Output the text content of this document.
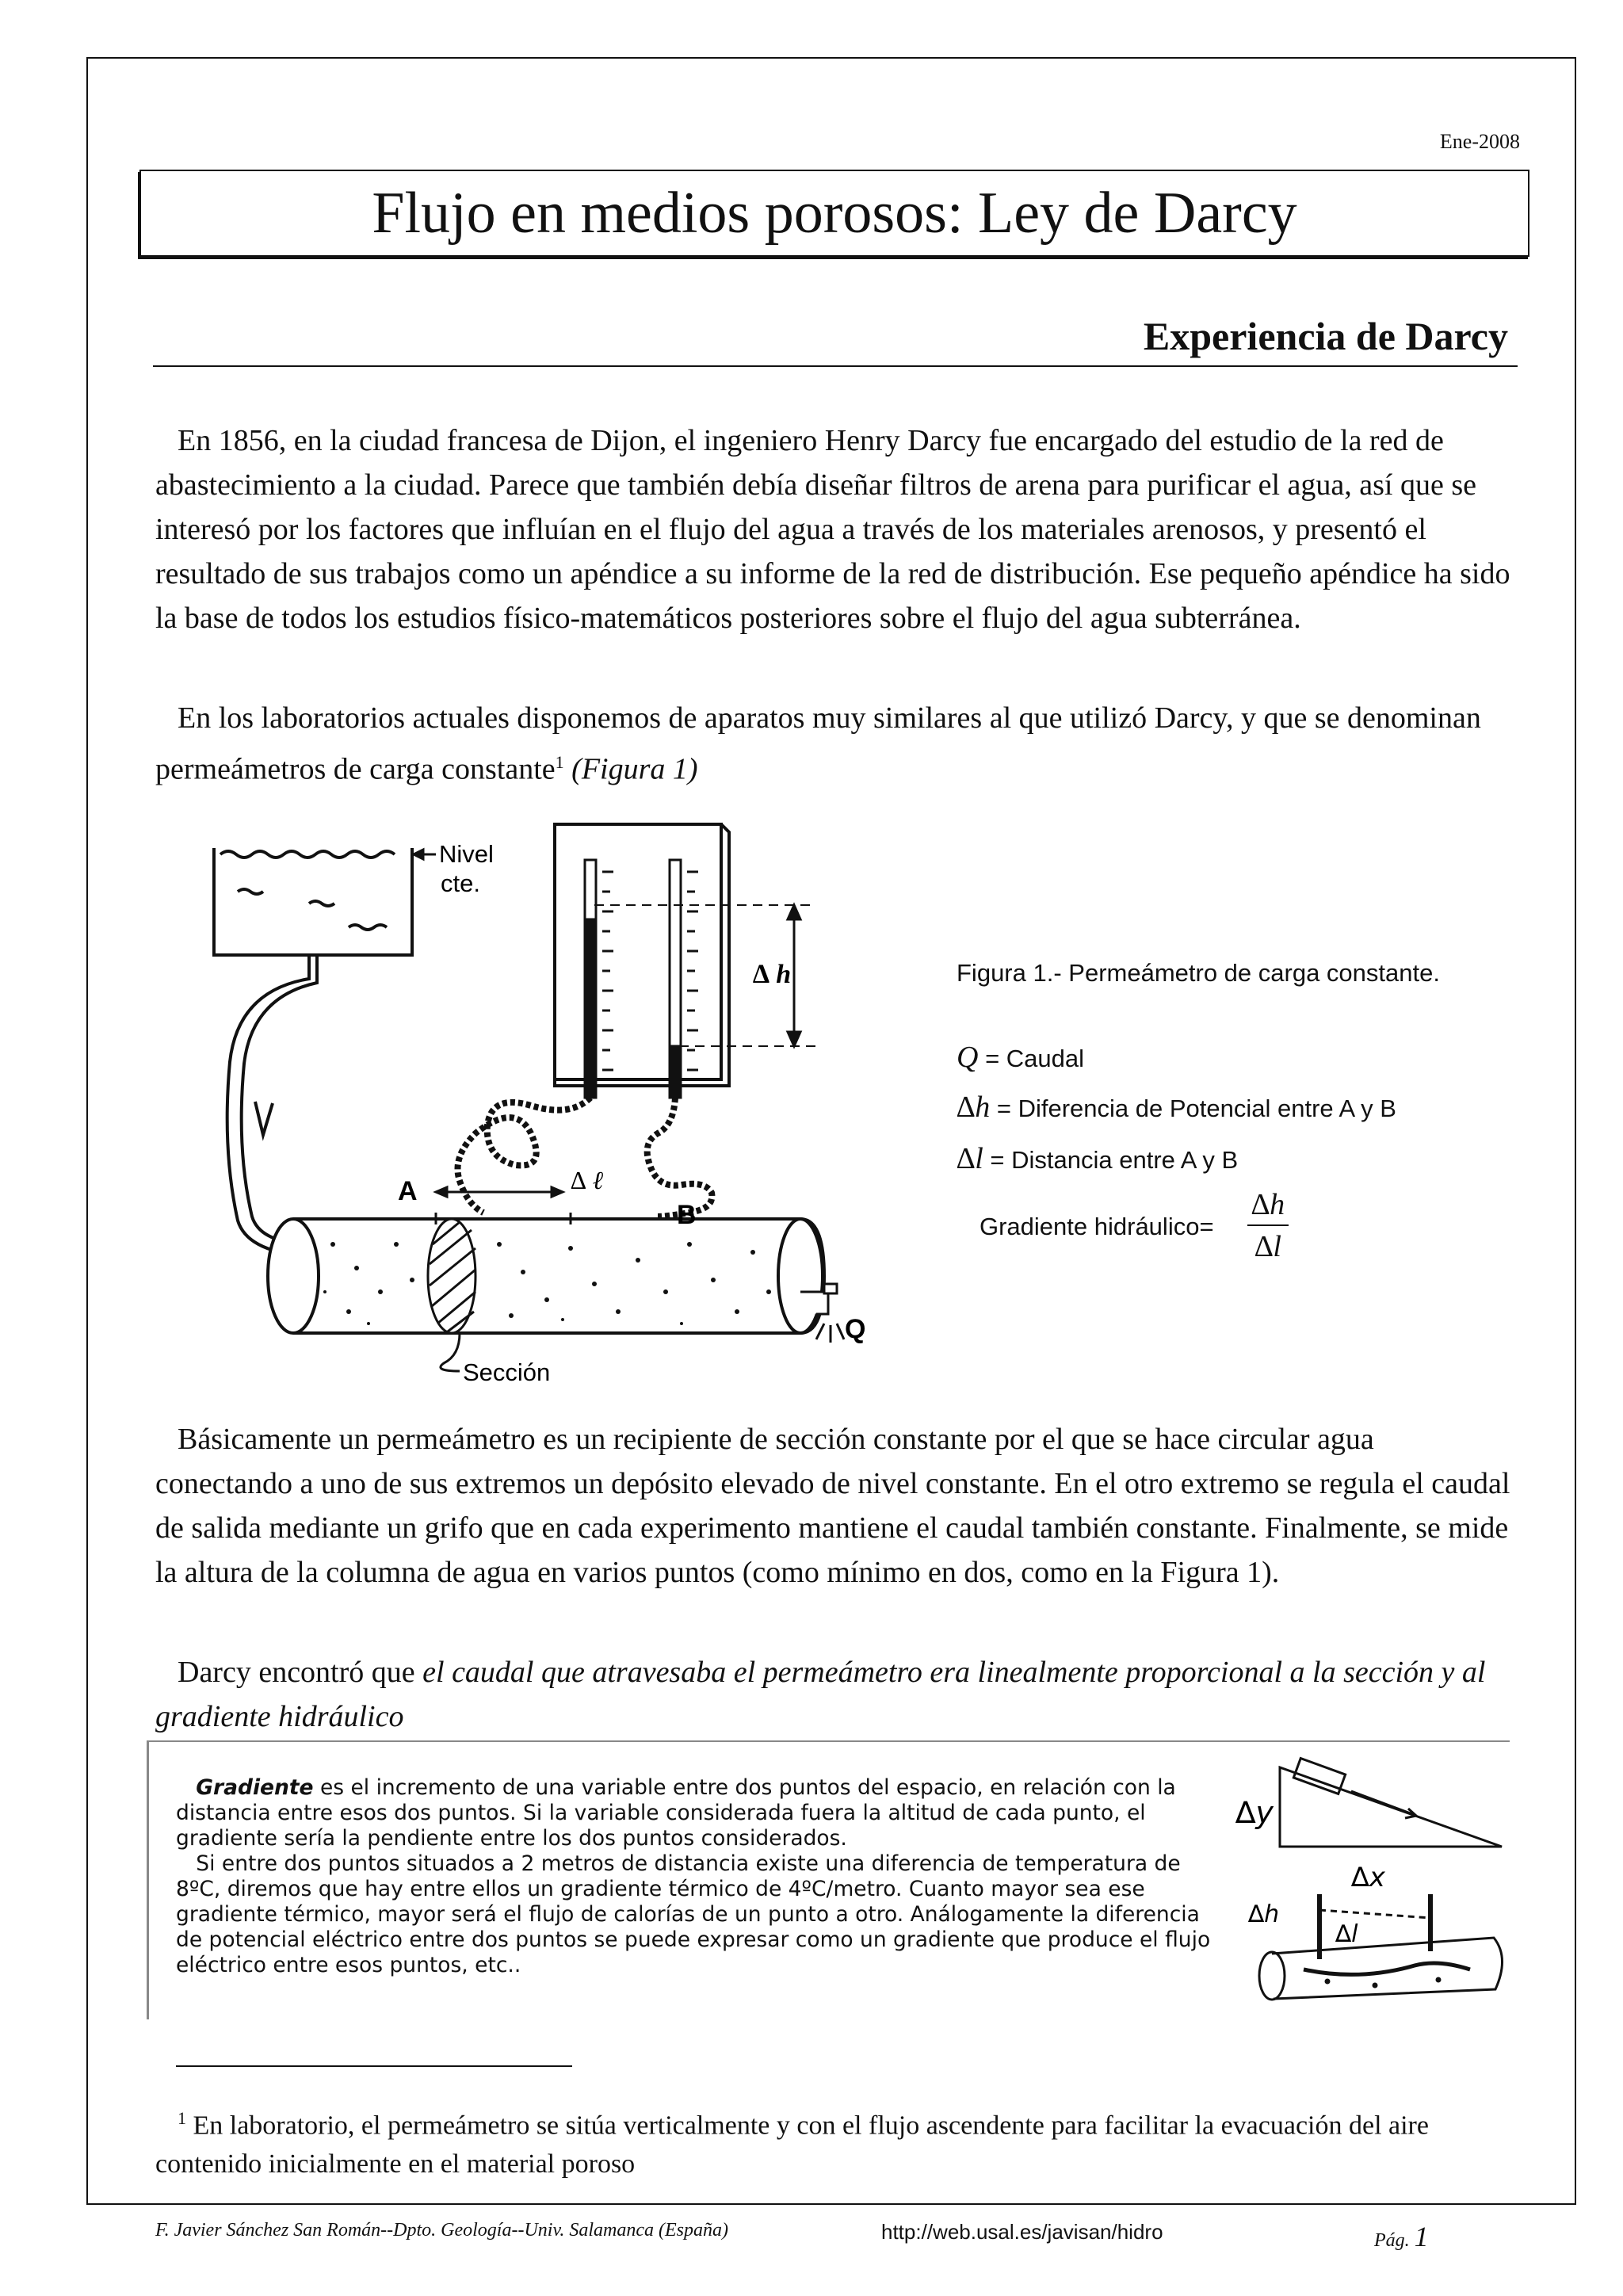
Ene-2008
Flujo en medios porosos: Ley de Darcy
Experiencia de Darcy

En 1856, en la ciudad francesa de Dijon, el ingeniero Henry Darcy fue encargado del estudio de la red de abastecimiento a la ciudad. Parece que también debía diseñar filtros de arena para purificar el agua, así que se interesó por los factores que influían en el flujo del agua a través de los materiales arenosos, y presentó el resultado de sus trabajos como un apéndice a su informe de la red de distribución. Ese pequeño apéndice ha sido la base de todos los estudios físico-matemáticos posteriores sobre el flujo del agua subterránea.

En los laboratorios actuales disponemos de aparatos muy similares al que utilizó Darcy, y que se denominan permeámetros de carga constante$^1$ (Figura 1)

Nivel
cte.
∆ h
A
B
∆ ℓ
Q
Sección
Figura 1.- Permeámetro de carga constante.
Q = Caudal
∆h = Diferencia de Potencial entre A y B
∆l = Distancia entre A y B
Gradiente hidráulico= $\frac{\Delta h}{\Delta l}$

Básicamente un permeámetro es un recipiente de sección constante por el que se hace circular agua conectando a uno de sus extremos un depósito elevado de nivel constante. En el otro extremo se regula el caudal de salida mediante un grifo que en cada experimento mantiene el caudal también constante. Finalmente, se mide la altura de la columna de agua en varios puntos (como mínimo en dos, como en la Figura 1).

Darcy encontró que el caudal que atravesaba el permeámetro era linealmente proporcional a la sección y al gradiente hidráulico

Gradiente es el incremento de una variable entre dos puntos del espacio, en relación con la distancia entre esos dos puntos. Si la variable considerada fuera la altitud de cada punto, el gradiente sería la pendiente entre los dos puntos considerados.
Si entre dos puntos situados a 2 metros de distancia existe una diferencia de temperatura de 8ºC, diremos que hay entre ellos un gradiente térmico de 4ºC/metro. Cuanto mayor sea ese gradiente térmico, mayor será el flujo de calorías de un punto a otro. Análogamente la diferencia de potencial eléctrico entre dos puntos se puede expresar como un gradiente que produce el flujo eléctrico entre esos puntos, etc..

∆y
∆x
∆h
∆l

$^1$ En laboratorio, el permeámetro se sitúa verticalmente y con el flujo ascendente para facilitar la evacuación del aire contenido inicialmente en el material poroso

F. Javier Sánchez San Román--Dpto. Geología--Univ. Salamanca (España)	http://web.usal.es/javisan/hidro	Pág. 1
